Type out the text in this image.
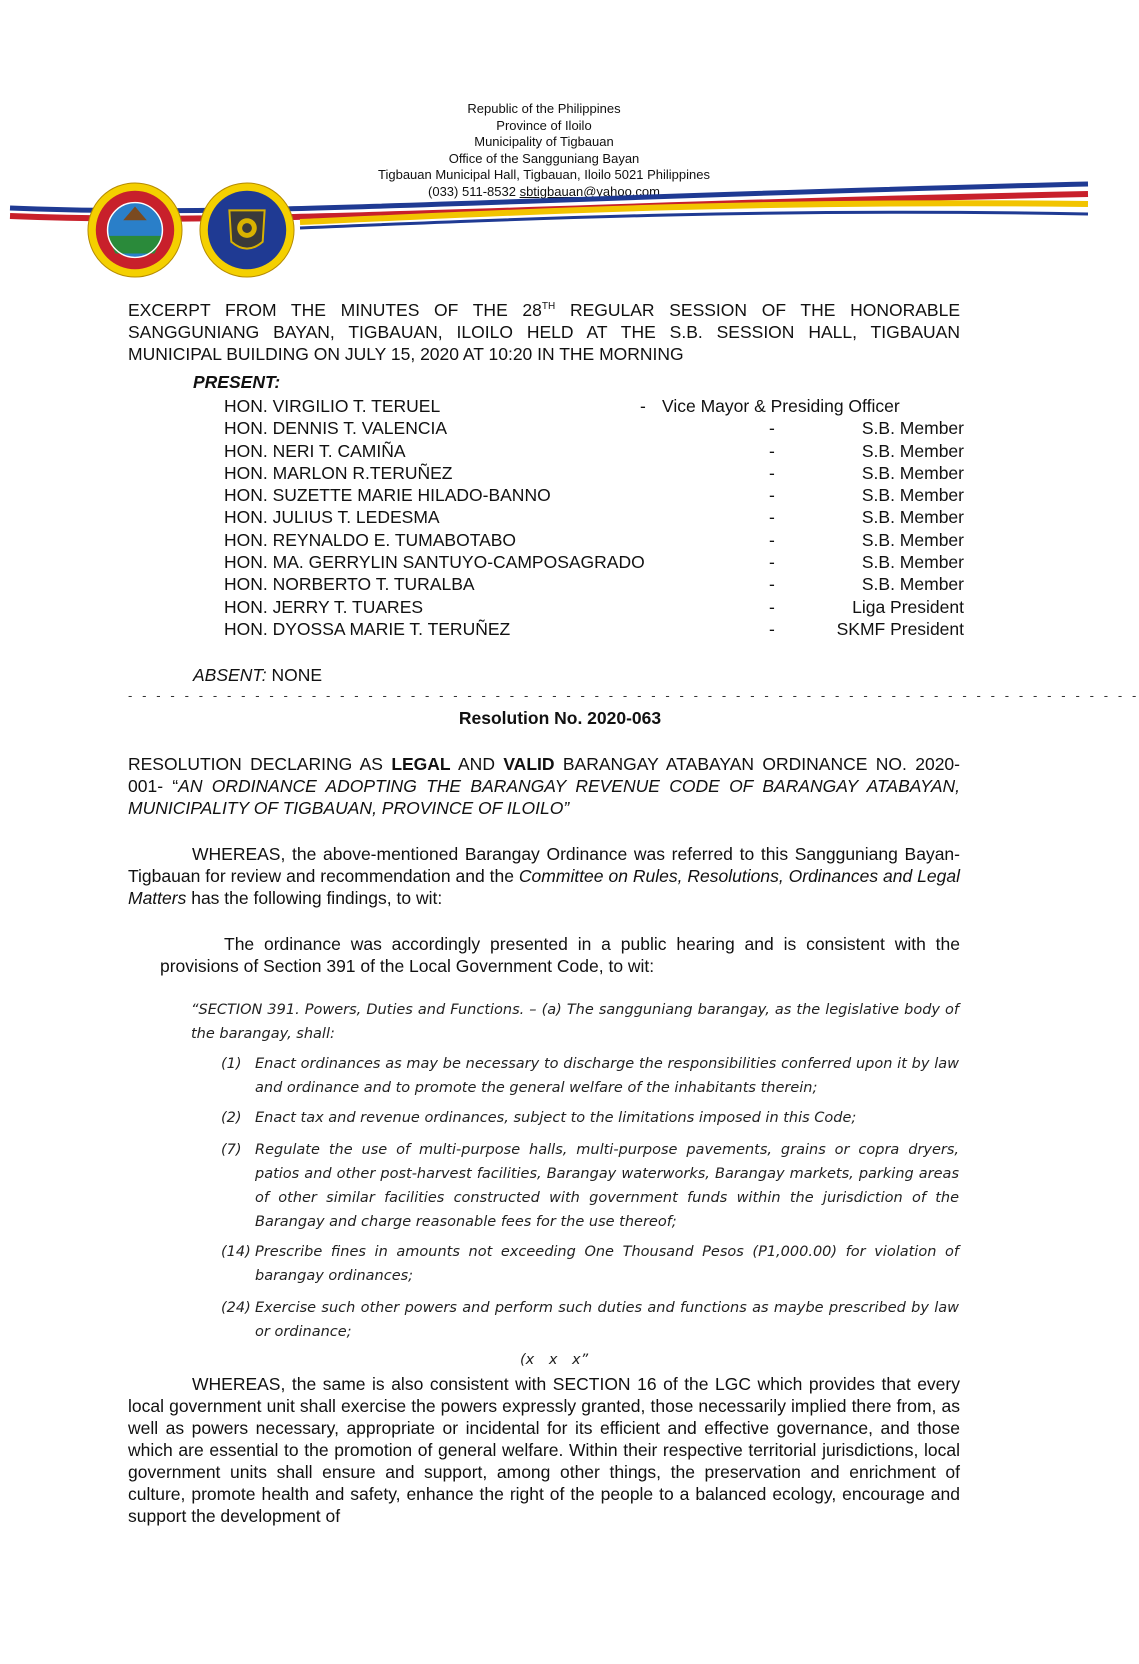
Republic of the Philippines
Province of Iloilo
Municipality of Tigbauan
Office of the Sangguniang Bayan
Tigbauan Municipal Hall, Tigbauan, Iloilo 5021 Philippines
(033) 511-8532 sbtigbauan@yahoo.com
EXCERPT FROM THE MINUTES OF THE 28TH REGULAR SESSION OF THE HONORABLE SANGGUNIANG BAYAN, TIGBAUAN, ILOILO HELD AT THE S.B. SESSION HALL, TIGBAUAN MUNICIPAL BUILDING ON JULY 15, 2020 AT 10:20 IN THE MORNING
PRESENT:
HON. VIRGILIO T. TERUEL	- Vice Mayor & Presiding Officer
HON. DENNIS T. VALENCIA	-	S.B. Member
HON. NERI T. CAMIÑA	-	S.B. Member
HON. MARLON R.TERUÑEZ	-	S.B. Member
HON. SUZETTE MARIE HILADO-BANNO	-	S.B. Member
HON. JULIUS T. LEDESMA	-	S.B. Member
HON. REYNALDO E. TUMABOTABO	-	S.B. Member
HON. MA. GERRYLIN SANTUYO-CAMPOSAGRADO	-	S.B. Member
HON. NORBERTO T. TURALBA	-	S.B. Member
HON. JERRY T. TUARES	-	Liga President
HON. DYOSSA MARIE T. TERUÑEZ	-	SKMF President
ABSENT: NONE
- - - - - - - - - - - - - - - - - - - - - - - - - - - - - - - - - - - - - - - - - - - - - - - - - - - - - - - - - - - - - - - - - - - - - - - -
Resolution No. 2020-063
RESOLUTION DECLARING AS LEGAL AND VALID BARANGAY ATABAYAN ORDINANCE NO. 2020-001- “AN ORDINANCE ADOPTING THE BARANGAY REVENUE CODE OF BARANGAY ATABAYAN, MUNICIPALITY OF TIGBAUAN, PROVINCE OF ILOILO”
WHEREAS, the above-mentioned Barangay Ordinance was referred to this Sangguniang Bayan-Tigbauan for review and recommendation and the Committee on Rules, Resolutions, Ordinances and Legal Matters has the following findings, to wit:
The ordinance was accordingly presented in a public hearing and is consistent with the provisions of Section 391 of the Local Government Code, to wit:
“SECTION 391. Powers, Duties and Functions. – (a) The sangguniang barangay, as the legislative body of the barangay, shall:
(1) Enact ordinances as may be necessary to discharge the responsibilities conferred upon it by law and ordinance and to promote the general welfare of the inhabitants therein;
(2) Enact tax and revenue ordinances, subject to the limitations imposed in this Code;
(7) Regulate the use of multi-purpose halls, multi-purpose pavements, grains or copra dryers, patios and other post-harvest facilities, Barangay waterworks, Barangay markets, parking areas of other similar facilities constructed with government funds within the jurisdiction of the Barangay and charge reasonable fees for the use thereof;
(14) Prescribe fines in amounts not exceeding One Thousand Pesos (P1,000.00) for violation of barangay ordinances;
(24) Exercise such other powers and perform such duties and functions as maybe prescribed by law or ordinance;
(x x x”
WHEREAS, the same is also consistent with SECTION 16 of the LGC which provides that every local government unit shall exercise the powers expressly granted, those necessarily implied there from, as well as powers necessary, appropriate or incidental for its efficient and effective governance, and those which are essential to the promotion of general welfare. Within their respective territorial jurisdictions, local government units shall ensure and support, among other things, the preservation and enrichment of culture, promote health and safety, enhance the right of the people to a balanced ecology, encourage and support the development of
